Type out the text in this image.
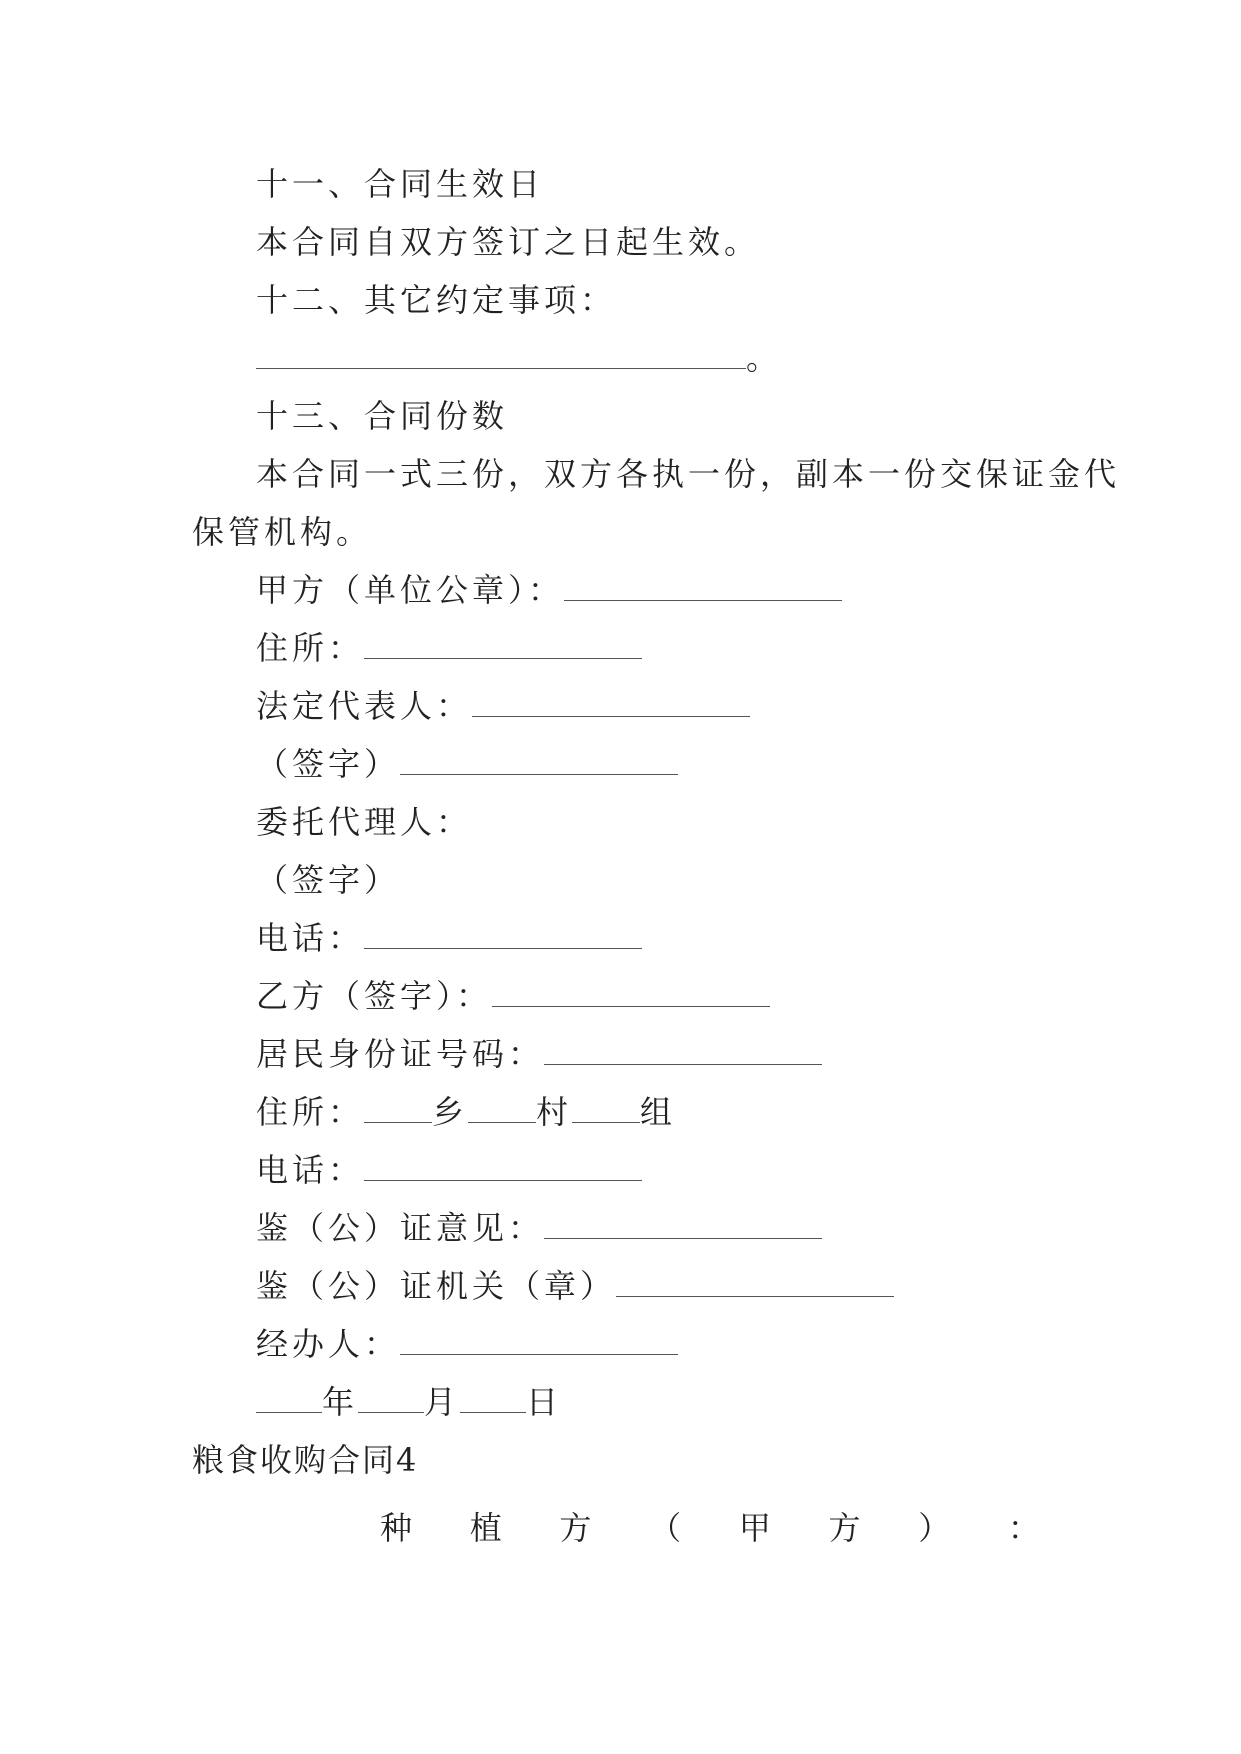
十一、合同生效日
本合同自双方签订之日起生效。
十二、其它约定事项：
。
十三、合同份数
本合同一式三份，双方各执一份，副本一份交保证金代
保管机构。
甲方（单位公章）：
住所：
法定代表人：
（签字）
委托代理人：
（签字）
电话：
乙方（签字）：
居民身份证号码：
住所： 乡 村 组
电话：
鉴（公）证意见：
鉴（公）证机关（章）
经办人：
年 月 日
粮食收购合同4
种 植 方 （ 甲 方 ） ：
